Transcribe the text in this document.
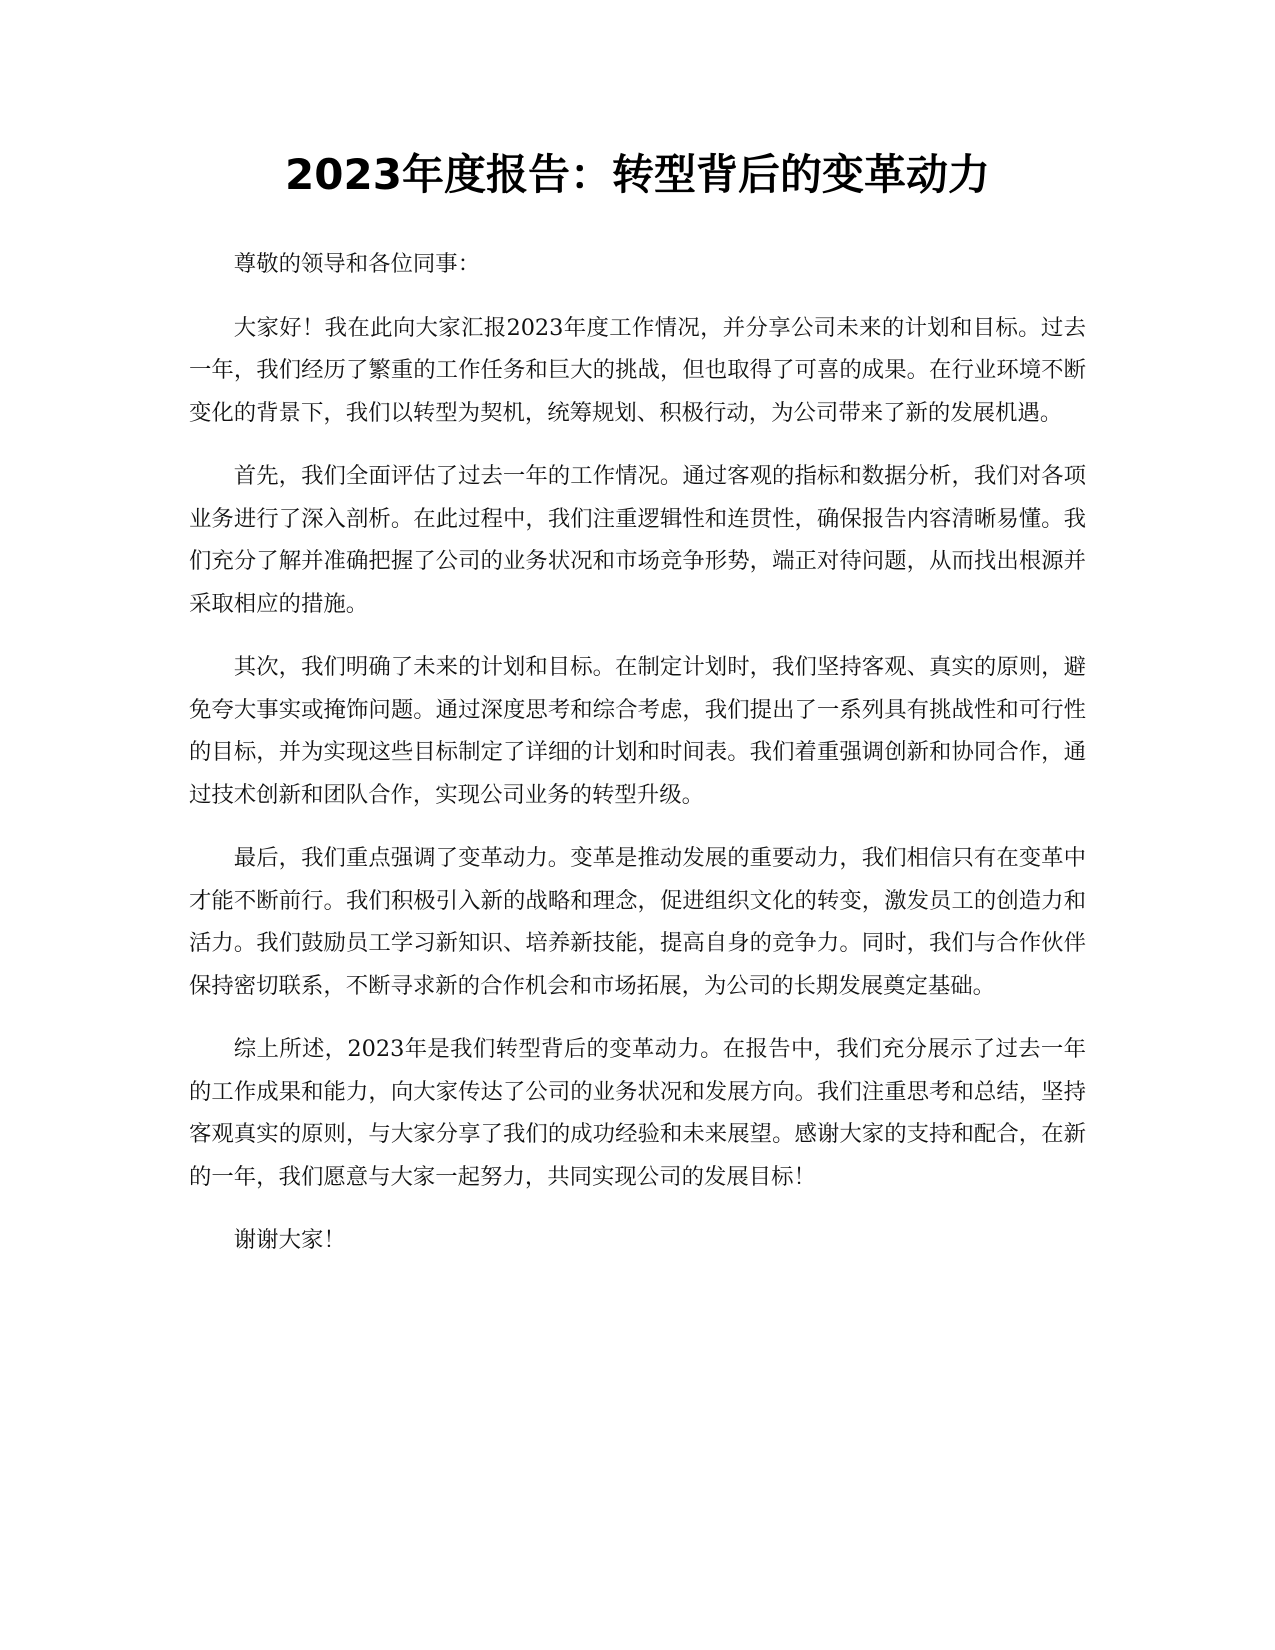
2023年度报告：转型背后的变革动力

尊敬的领导和各位同事：

大家好！我在此向大家汇报2023年度工作情况，并分享公司未来的计划和目标。过去一年，我们经历了繁重的工作任务和巨大的挑战，但也取得了可喜的成果。在行业环境不断变化的背景下，我们以转型为契机，统筹规划、积极行动，为公司带来了新的发展机遇。

首先，我们全面评估了过去一年的工作情况。通过客观的指标和数据分析，我们对各项业务进行了深入剖析。在此过程中，我们注重逻辑性和连贯性，确保报告内容清晰易懂。我们充分了解并准确把握了公司的业务状况和市场竞争形势，端正对待问题，从而找出根源并采取相应的措施。

其次，我们明确了未来的计划和目标。在制定计划时，我们坚持客观、真实的原则，避免夸大事实或掩饰问题。通过深度思考和综合考虑，我们提出了一系列具有挑战性和可行性的目标，并为实现这些目标制定了详细的计划和时间表。我们着重强调创新和协同合作，通过技术创新和团队合作，实现公司业务的转型升级。

最后，我们重点强调了变革动力。变革是推动发展的重要动力，我们相信只有在变革中才能不断前行。我们积极引入新的战略和理念，促进组织文化的转变，激发员工的创造力和活力。我们鼓励员工学习新知识、培养新技能，提高自身的竞争力。同时，我们与合作伙伴保持密切联系，不断寻求新的合作机会和市场拓展，为公司的长期发展奠定基础。

综上所述，2023年是我们转型背后的变革动力。在报告中，我们充分展示了过去一年的工作成果和能力，向大家传达了公司的业务状况和发展方向。我们注重思考和总结，坚持客观真实的原则，与大家分享了我们的成功经验和未来展望。感谢大家的支持和配合，在新的一年，我们愿意与大家一起努力，共同实现公司的发展目标！

谢谢大家！
